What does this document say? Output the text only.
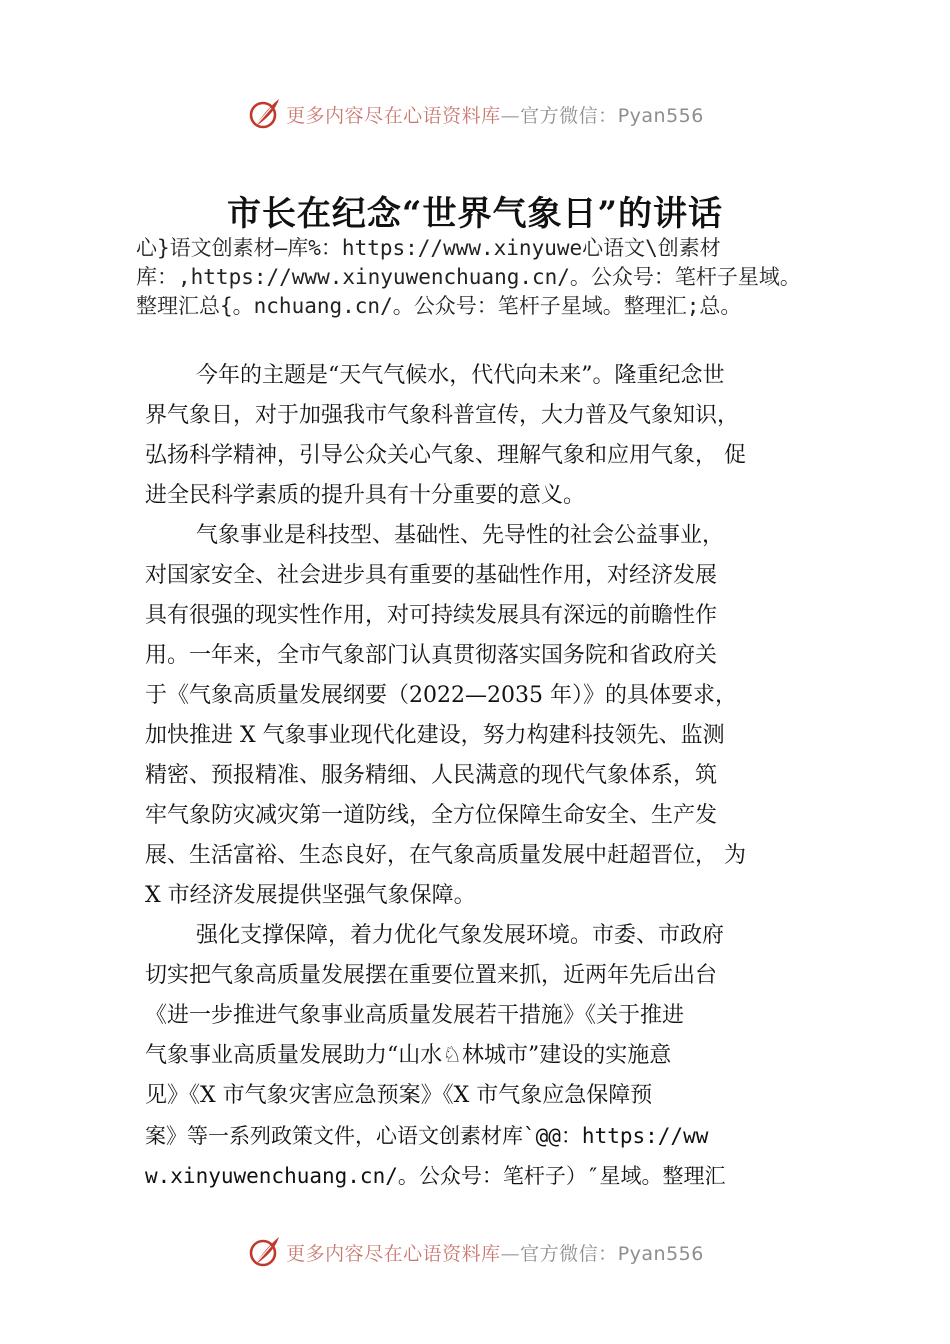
更多内容尽在心语资料库—官方微信：Pyan556
市长在纪念“世界气象日”的讲话
心}语文创素材—库%：https://www.xinyuwe心语文\创素材
库：,https://www.xinyuwenchuang.cn/。公众号：笔杆子星域。
整理汇总{。nchuang.cn/。公众号：笔杆子星域。整理汇;总。
今年的主题是“天气气候水，代代向未来”。隆重纪念世
界气象日，对于加强我市气象科普宣传，大力普及气象知识，
弘扬科学精神，引导公众关心气象、理解气象和应用气象， 促
进全民科学素质的提升具有十分重要的意义。
气象事业是科技型、基础性、先导性的社会公益事业，
对国家安全、社会进步具有重要的基础性作用，对经济发展
具有很强的现实性作用，对可持续发展具有深远的前瞻性作
用。一年来，全市气象部门认真贯彻落实国务院和省政府关
于《气象高质量发展纲要（2022—2035 年）》的具体要求，
加快推进 X 气象事业现代化建设，努力构建科技领先、监测
精密、预报精准、服务精细、人民满意的现代气象体系，筑
牢气象防灾减灾第一道防线，全方位保障生命安全、生产发
展、生活富裕、生态良好，在气象高质量发展中赶超晋位， 为
X 市经济发展提供坚强气象保障。
强化支撑保障，着力优化气象发展环境。市委、市政府
切实把气象高质量发展摆在重要位置来抓，近两年先后出台
《进一步推进气象事业高质量发展若干措施》《关于推进
气象事业高质量发展助力“山水♘林城市”建设的实施意
见》《X 市气象灾害应急预案》《X 市气象应急保障预
案》等一系列政策文件，心语文创素材库`@@：https://ww
w.xinyuwenchuang.cn/。公众号：笔杆子）″星域。整理汇
更多内容尽在心语资料库—官方微信：Pyan556
